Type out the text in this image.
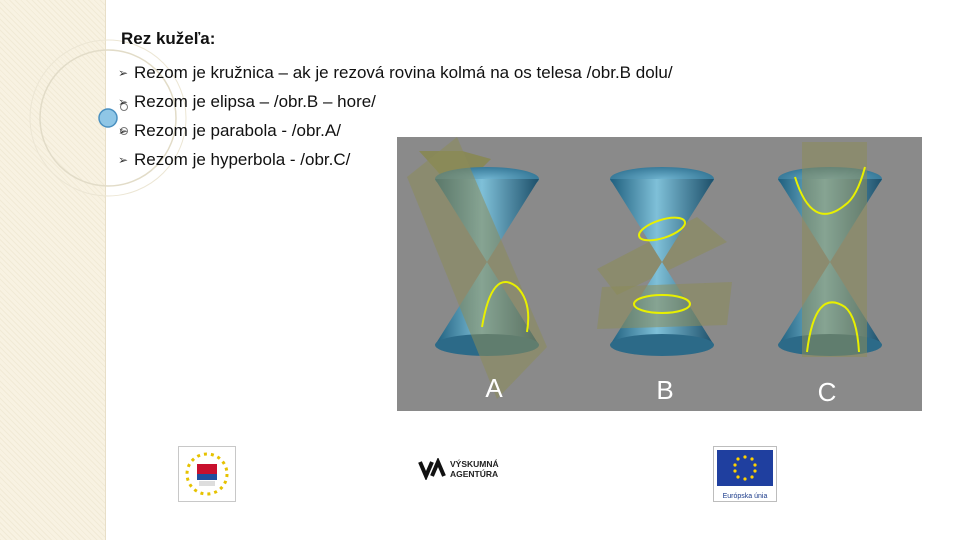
Rez kužeľa:
➢ Rezom je kružnica – ak je rezová rovina kolmá na os telesa /obr.B dolu/
➢ Rezom je elipsa – /obr.B – hore/
➢ Rezom je parabola - /obr.A/
➢ Rezom je hyperbola - /obr.C/
A	B	C
VÝSKUMNÁ
AGENTÚRA
Európska únia
